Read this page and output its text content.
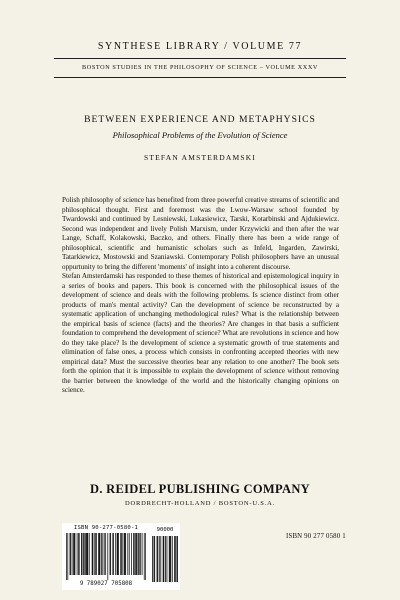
SYNTHESE LIBRARY / VOLUME 77
BOSTON STUDIES IN THE PHILOSOPHY OF SCIENCE – VOLUME XXXV
BETWEEN EXPERIENCE AND METAPHYSICS
Philosophical Problems of the Evolution of Science
STEFAN AMSTERDAMSKI

Polish philosophy of science has benefited from three powerful creative streams of scientific and philosophical thought. First and foremost was the Lwow-Warsaw school founded by Twardowski and continued by Lesniewski, Lukasiewicz, Tarski, Kotarbinski and Ajdukiewicz. Second was independent and lively Polish Marxism, under Krzywicki and then after the war Lange, Schaff, Kolakowski, Baczko, and others. Finally there has been a wide range of philosophical, scientific and humanistic scholars such as Infeld, Ingarden, Zawirski, Tatarkiewicz, Mostowski and Szaniawski. Contemporary Polish philosophers have an unusual oppurtunity to bring the different 'moments' of insight into a coherent discourse.

Stefan Amsterdamski has responded to these themes of historical and epistemological inquiry in a series of books and papers. This book is concerned with the philosophical issues of the development of science and deals with the following problems. Is science distinct from other products of man's mental activity? Can the development of science be reconstructed by a systematic application of unchanging methodological rules? What is the relationship between the empirical basis of science (facts) and the theories? Are changes in that basis a sufficient foundation to comprehend the development of science? What are revolutions in science and how do they take place? Is the development of science a systematic growth of true statements and elimination of false ones, a process which consists in confronting accepted theories with new empirical data? Must the successive theories bear any relation to one another? The book sets forth the opinion that it is impossible to explain the development of science without removing the barrier between the knowledge of the world and the historically changing opinions on science.

D. REIDEL PUBLISHING COMPANY
DORDRECHT-HOLLAND / BOSTON-U.S.A.
ISBN 90-277-0580-1
9 789027 705808
90000
ISBN 90 277 0580 1
